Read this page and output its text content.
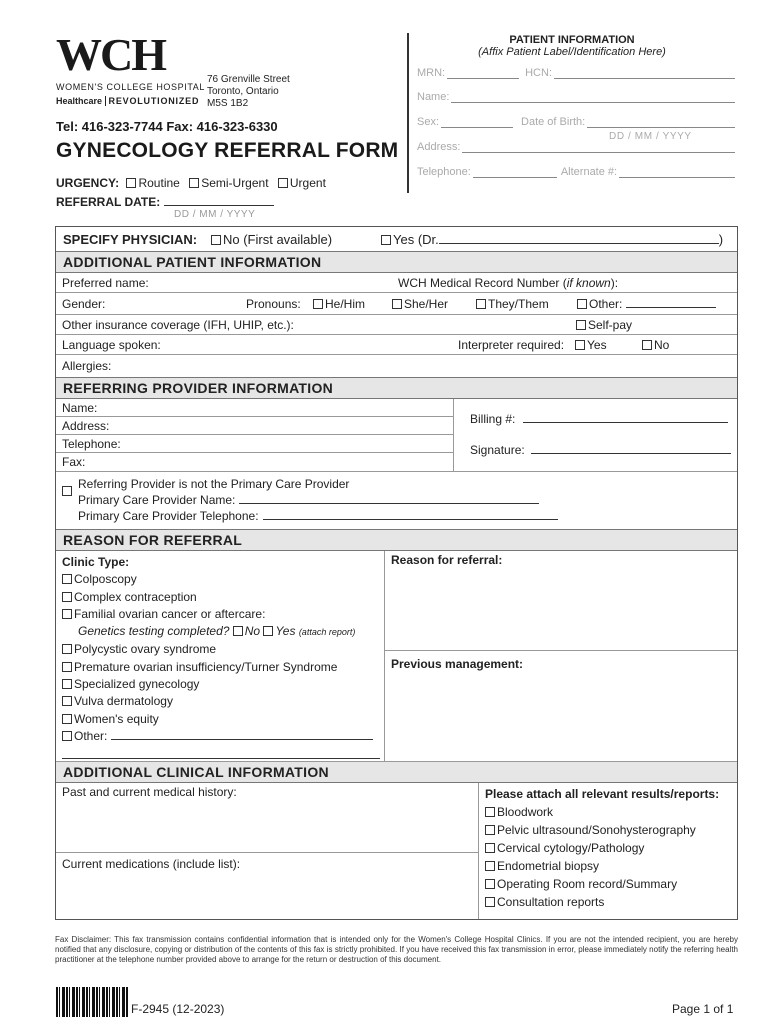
WCH
WOMEN'S COLLEGE HOSPITAL
Healthcare REVOLUTIONIZED
76 Grenville Street
Toronto, Ontario
M5S 1B2
Tel: 416-323-7744 Fax: 416-323-6330
GYNECOLOGY REFERRAL FORM
URGENCY: Routine Semi-Urgent Urgent
REFERRAL DATE:
DD / MM / YYYY
PATIENT INFORMATION
(Affix Patient Label/Identification Here)
MRN:	HCN:
Name:
Sex:	Date of Birth:
DD / MM / YYYY
Address:
Telephone:	Alternate #:
SPECIFY PHYSICIAN:	No (First available)	Yes (Dr.	)
ADDITIONAL PATIENT INFORMATION
Preferred name:	WCH Medical Record Number (if known):
Gender:	Pronouns:	He/Him	She/Her	They/Them	Other:
Other insurance coverage (IFH, UHIP, etc.):	Self-pay
Language spoken:	Interpreter required:	Yes	No
Allergies:
REFERRING PROVIDER INFORMATION
Name:
Address:
Telephone:
Fax:
Billing #:
Signature:
Referring Provider is not the Primary Care Provider
Primary Care Provider Name:
Primary Care Provider Telephone:
REASON FOR REFERRAL
Clinic Type:
Colposcopy
Complex contraception
Familial ovarian cancer or aftercare:
Genetics testing completed? No Yes (attach report)
Polycystic ovary syndrome
Premature ovarian insufficiency/Turner Syndrome
Specialized gynecology
Vulva dermatology
Women's equity
Other:
Reason for referral:
Previous management:
ADDITIONAL CLINICAL INFORMATION
Past and current medical history:
Current medications (include list):
Please attach all relevant results/reports:
Bloodwork
Pelvic ultrasound/Sonohysterography
Cervical cytology/Pathology
Endometrial biopsy
Operating Room record/Summary
Consultation reports
Fax Disclaimer: This fax transmission contains confidential information that is intended only for the Women's College Hospital Clinics. If you are not the intended recipient, you are hereby notified that any disclosure, copying or distribution of the contents of this fax is strictly prohibited. If you have received this fax transmission in error, please immediately notify the referring health practitioner at the telephone number provided above to arrange for the return or destruction of this document.
F-2945 (12-2023)	Page 1 of 1
